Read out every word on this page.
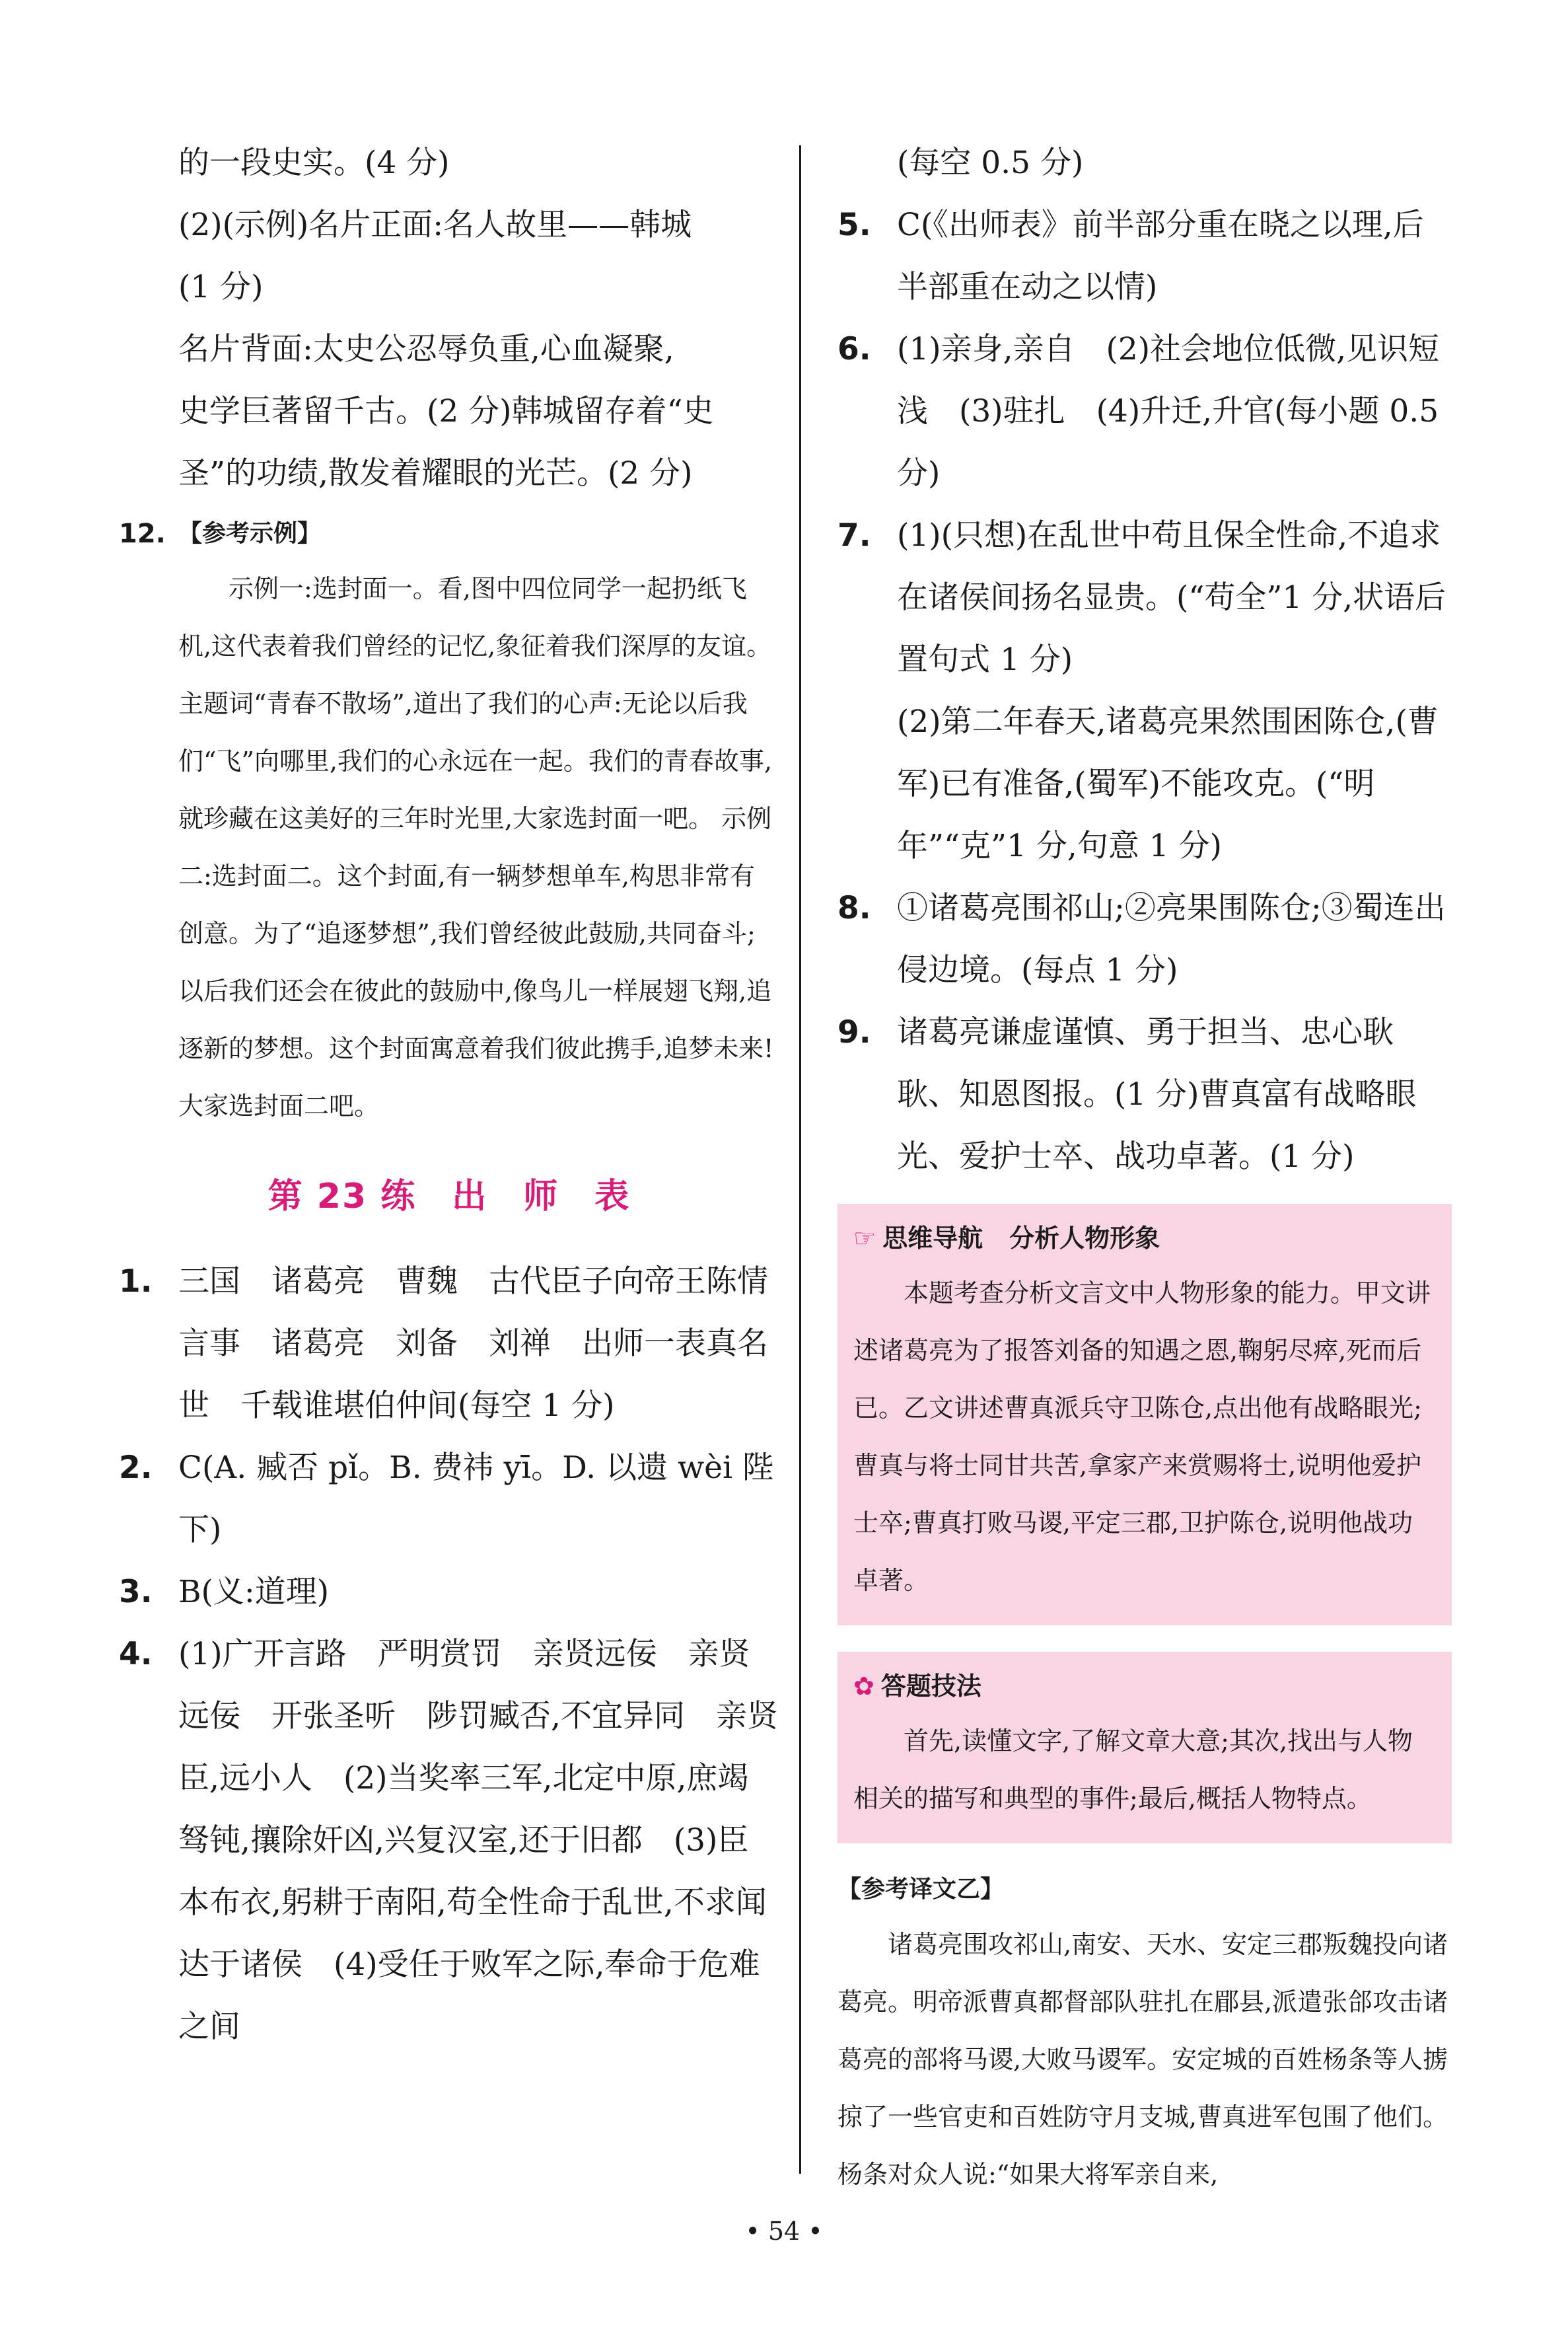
的一段史实。(4 分)

(2)(示例)名片正面:名人故里——韩城

(1 分)

名片背面:太史公忍辱负重,心血凝聚,

史学巨著留千古。(2 分)韩城留存着“史

圣”的功绩,散发着耀眼的光芒。(2 分)

12. 【参考示例】

示例一:选封面一。看,图中四位同学一起扔纸飞机,这代表着我们曾经的记忆,象征着我们深厚的友谊。主题词“青春不散场”,道出了我们的心声:无论以后我们“飞”向哪里,我们的心永远在一起。我们的青春故事,就珍藏在这美好的三年时光里,大家选封面一吧。 示例二:选封面二。这个封面,有一辆梦想单车,构思非常有创意。为了“追逐梦想”,我们曾经彼此鼓励,共同奋斗;以后我们还会在彼此的鼓励中,像鸟儿一样展翅飞翔,追逐新的梦想。这个封面寓意着我们彼此携手,追梦未来!大家选封面二吧。

第 23 练　出　师　表
1. 三国　诸葛亮　曹魏　古代臣子向帝王陈情言事　诸葛亮　刘备　刘禅　出师一表真名世　千载谁堪伯仲间(每空 1 分)

2. C(A. 臧否 pǐ。B. 费祎 yī。D. 以遗 wèi 陛下)

3. B(义:道理)

4. (1)广开言路　严明赏罚　亲贤远佞　亲贤远佞　开张圣听　陟罚臧否,不宜异同　亲贤臣,远小人　(2)当奖率三军,北定中原,庶竭驽钝,攘除奸凶,兴复汉室,还于旧都　(3)臣本布衣,躬耕于南阳,苟全性命于乱世,不求闻达于诸侯　(4)受任于败军之际,奉命于危难之间

(每空 0.5 分)
5. C(《出师表》前半部分重在晓之以理,后半部重在动之以情)

6. (1)亲身,亲自　(2)社会地位低微,见识短浅　(3)驻扎　(4)升迁,升官(每小题 0.5 分)

7. (1)(只想)在乱世中苟且保全性命,不追求在诸侯间扬名显贵。(“苟全”1 分,状语后置句式 1 分)

(2)第二年春天,诸葛亮果然围困陈仓,(曹军)已有准备,(蜀军)不能攻克。(“明年”“克”1 分,句意 1 分)

8. ①诸葛亮围祁山;②亮果围陈仓;③蜀连出侵边境。(每点 1 分)

9. 诸葛亮谦虚谨慎、勇于担当、忠心耿耿、知恩图报。(1 分)曹真富有战略眼光、爱护士卒、战功卓著。(1 分)

☞ 思维导航 分析人物形象
本题考查分析文言文中人物形象的能力。甲文讲述诸葛亮为了报答刘备的知遇之恩,鞠躬尽瘁,死而后已。乙文讲述曹真派兵守卫陈仓,点出他有战略眼光;曹真与将士同甘共苦,拿家产来赏赐将士,说明他爱护士卒;曹真打败马谡,平定三郡,卫护陈仓,说明他战功卓著。
✿ 答题技法
首先,读懂文字,了解文章大意;其次,找出与人物相关的描写和典型的事件;最后,概括人物特点。
【参考译文乙】

诸葛亮围攻祁山,南安、天水、安定三郡叛魏投向诸葛亮。明帝派曹真都督部队驻扎在郿县,派遣张郃攻击诸葛亮的部将马谡,大败马谡军。安定城的百姓杨条等人掳掠了一些官吏和百姓防守月支城,曹真进军包围了他们。杨条对众人说:“如果大将军亲自来,

• 54 •
